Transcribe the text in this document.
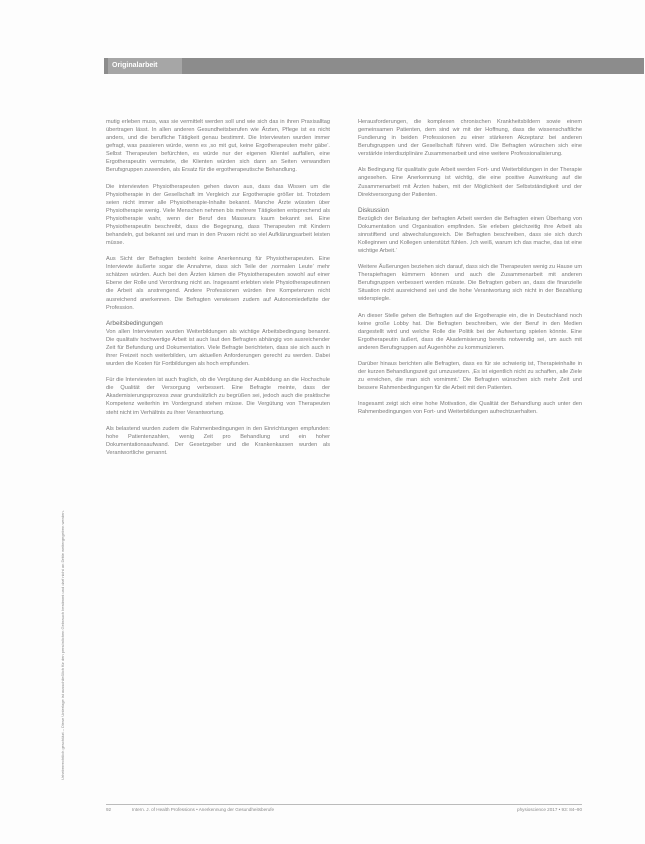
Originalarbeit
Urheberrechtlich geschützt – Diese Unterlage ist ausschließlich für den persönlichen Gebrauch bestimmt und darf nicht an Dritte weitergegeben werden.

mutig erleben muss, was sie vermittelt werden soll und wie sich das in ihren Praxisalltag übertragen lässt. In allen anderen Gesundheitsberufen wie Ärzten, Pflege ist es nicht anders, und die berufliche Tätigkeit genau bestimmt. Die Interviewten wurden immer gefragt, was passieren würde, wenn es ‚so mit gut, keine Ergotherapeuten mehr gäbe‘. Selbst Therapeuten befürchten, es würde nur der eigenen Klientel auffallen, eine Ergotherapeutin vermutete, die Klienten würden sich dann an Seiten verwandten Berufsgruppen zuwenden, als Ersatz für die ergotherapeutische Behandlung.

Die interviewten Physiotherapeuten gehen davon aus, dass das Wissen um die Physiotherapie in der Gesellschaft im Vergleich zur Ergotherapie größer ist. Trotzdem seien nicht immer alle Physiotherapie-Inhalte bekannt. Manche Ärzte wüssten über Physiotherapie wenig. Viele Menschen nehmen bis mehrere Tätigkeiten entsprechend als Physiotherapie wahr, wenn der Beruf des Masseurs kaum bekannt sei. Eine Physiotherapeutin beschreibt, dass die Begegnung, dass Therapeuten mit Kindern behandeln, gut bekannt sei und man in den Praxen nicht so viel Aufklärungsarbeit leisten müsse.

Aus Sicht der Befragten besteht keine Anerkennung für Physiotherapeuten. Eine Interviewte äußerte sogar die Annahme, dass sich Teile der ‚normalen Leute‘ mehr schätzen würden. Auch bei den Ärzten kämen die Physiotherapeuten sowohl auf einer Ebene der Rolle und Verordnung nicht an. Insgesamt erlebten viele Physiotherapeutinnen die Arbeit als anstrengend. Andere Professionen würden ihre Kompetenzen nicht ausreichend anerkennen. Die Befragten verwiesen zudem auf Autonomiedefizite der Profession.

Arbeitsbedingungen

Von allen Interviewten wurden Weiterbildungen als wichtige Arbeitsbedingung benannt. Die qualitativ hochwertige Arbeit ist auch laut den Befragten abhängig von ausreichender Zeit für Befundung und Dokumentation. Viele Befragte berichteten, dass sie sich auch in ihrer Freizeit noch weiterbilden, um aktuellen Anforderungen gerecht zu werden. Dabei wurden die Kosten für Fortbildungen als hoch empfunden.

Für die Interviewten ist auch fraglich, ob die Vergütung der Ausbildung an die Hochschule die Qualität der Versorgung verbessert. Eine Befragte meinte, dass der Akademisierungsprozess zwar grundsätzlich zu begrüßen sei, jedoch auch die praktische Kompetenz weiterhin im Vordergrund stehen müsse. Die Vergütung von Therapeuten steht nicht im Verhältnis zu ihrer Verantwortung.

Als belastend wurden zudem die Rahmenbedingungen in den Einrichtungen empfunden: hohe Patientenzahlen, wenig Zeit pro Behandlung und ein hoher Dokumentationsaufwand. Der Gesetzgeber und die Krankenkassen wurden als Verantwortliche genannt.

Herausforderungen, die komplexen chronischen Krankheitsbildern sowie einem gemeinsamen Patienten, dem sind wir mit der Hoffnung, dass die wissenschaftliche Fundierung in beiden Professionen zu einer stärkeren Akzeptanz bei anderen Berufsgruppen und der Gesellschaft führen wird. Die Befragten wünschen sich eine verstärkte interdisziplinäre Zusammenarbeit und eine weitere Professionalisierung.

Als Bedingung für qualitativ gute Arbeit werden Fort- und Weiterbildungen in der Therapie angesehen. Eine Anerkennung ist wichtig, die eine positive Auswirkung auf die Zusammenarbeit mit Ärzten haben, mit der Möglichkeit der Selbstständigkeit und der Direktversorgung der Patienten.

Diskussion

Bezüglich der Belastung der befragten Arbeit werden die Befragten einen Überhang von Dokumentation und Organisation empfinden. Sie erleben gleichzeitig ihre Arbeit als sinnstiftend und abwechslungsreich. Die Befragten beschreiben, dass sie sich durch Kolleginnen und Kollegen unterstützt fühlen. ‚Ich weiß, warum ich das mache, das ist eine wichtige Arbeit.‘

Weitere Äußerungen beziehen sich darauf, dass sich die Therapeuten wenig zu Hause um Therapiefragen kümmern können und auch die Zusammenarbeit mit anderen Berufsgruppen verbessert werden müsste. Die Befragten geben an, dass die finanzielle Situation nicht ausreichend sei und die hohe Verantwortung sich nicht in der Bezahlung widerspiegle.

An dieser Stelle gehen die Befragten auf die Ergotherapie ein, die in Deutschland noch keine große Lobby hat. Die Befragten beschreiben, wie der Beruf in den Medien dargestellt wird und welche Rolle die Politik bei der Aufwertung spielen könnte. Eine Ergotherapeutin äußert, dass die Akademisierung bereits notwendig sei, um auch mit anderen Berufsgruppen auf Augenhöhe zu kommunizieren.

Darüber hinaus berichten alle Befragten, dass es für sie schwierig ist, Therapieinhalte in der kurzen Behandlungszeit gut umzusetzen. ‚Es ist eigentlich nicht zu schaffen, alle Ziele zu erreichen, die man sich vornimmt.‘ Die Befragten wünschen sich mehr Zeit und bessere Rahmenbedingungen für die Arbeit mit den Patienten.

Insgesamt zeigt sich eine hohe Motivation, die Qualität der Behandlung auch unter den Rahmenbedingungen von Fort- und Weiterbildungen aufrechtzuerhalten.

92	Intern. J. of Health Professions • Anerkennung der Gesundheitsberufe	physioscience 2017 • 93: 84–90
